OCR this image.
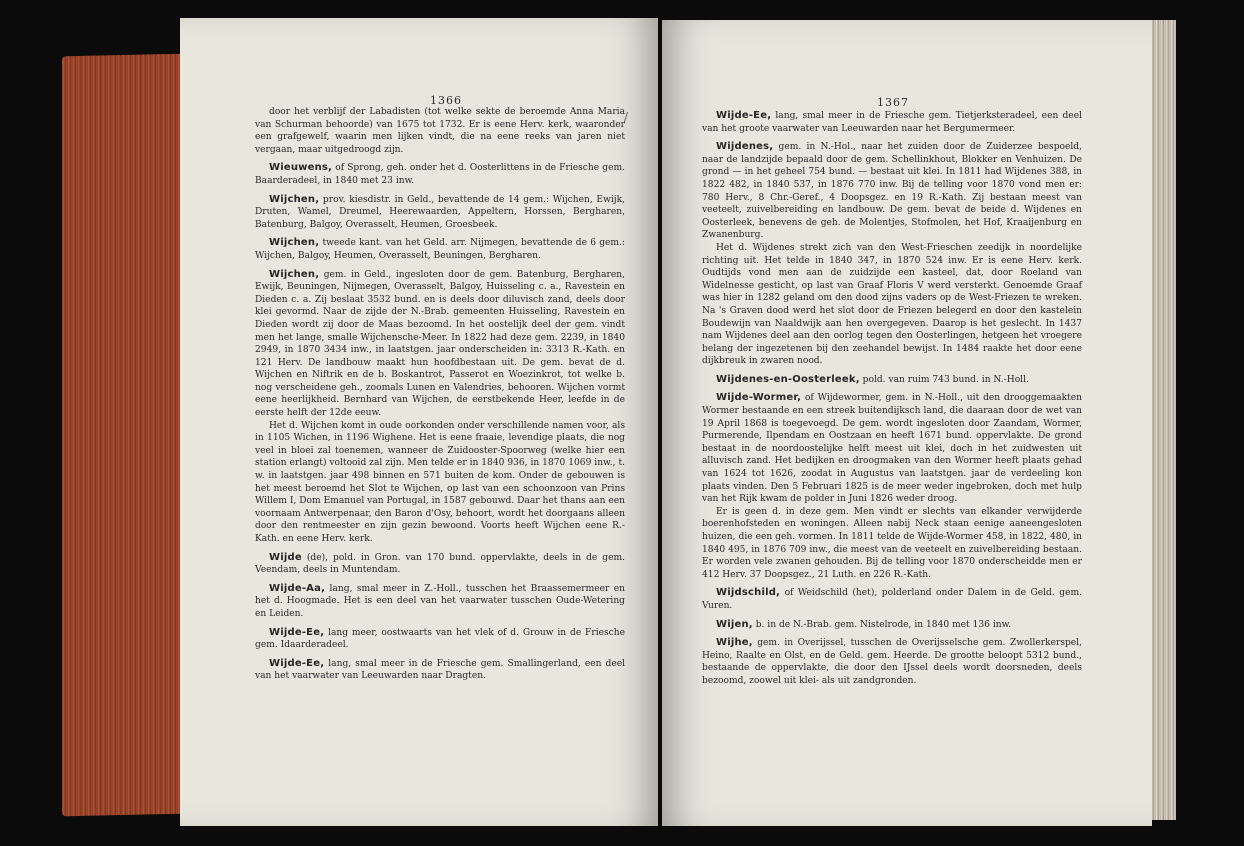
1366
/
door het verblijf der Labadisten (tot welke sekte de beroemde Anna Maria van Schurman behoorde) van 1675 tot 1732. Er is eene Herv. kerk, waaronder een grafgewelf, waarin men lijken vindt, die na eene reeks van jaren niet vergaan, maar uitgedroogd zijn.
Wieuwens, of Sprong, geh. onder het d. Oosterlittens in de Friesche gem. Baarderadeel, in 1840 met 23 inw.
Wijchen, prov. kiesdistr. in Geld., bevattende de 14 gem.: Wijchen, Ewijk, Druten, Wamel, Dreumel, Heerewaarden, Appeltern, Horssen, Bergharen, Batenburg, Balgoy, Overasselt, Heumen, Groesbeek.
Wijchen, tweede kant. van het Geld. arr. Nijmegen, bevattende de 6 gem.: Wijchen, Balgoy, Heumen, Overasselt, Beuningen, Bergharen.
Wijchen, gem. in Geld., ingesloten door de gem. Batenburg, Bergharen, Ewijk, Beuningen, Nijmegen, Overasselt, Balgoy, Huisseling c. a., Ravestein en Dieden c. a. Zij beslaat 3532 bund. en is deels door diluvisch zand, deels door klei gevormd. Naar de zijde der N.-Brab. gemeenten Huisseling, Ravestein en Dieden wordt zij door de Maas bezoomd. In het oostelijk deel der gem. vindt men het lange, smalle Wijchensche-Meer. In 1822 had deze gem. 2239, in 1840 2949, in 1870 3434 inw., in laatstgen. jaar onderscheiden in: 3313 R.-Kath. en 121 Herv. De landbouw maakt hun hoofdbestaan uit. De gem. bevat de d. Wijchen en Niftrik en de b. Boskantrot, Passerot en Woezinkrot, tot welke b. nog verscheidene geh., zoomals Lunen en Valendries, behooren. Wijchen vormt eene heerlijkheid. Bernhard van Wijchen, de eerstbekende Heer, leefde in de eerste helft der 12de eeuw.
Het d. Wijchen komt in oude oorkonden onder verschillende namen voor, als in 1105 Wichen, in 1196 Wighene. Het is eene fraaie, levendige plaats, die nog veel in bloei zal toenemen, wanneer de Zuidooster-Spoorweg (welke hier een station erlangt) voltooid zal zijn. Men telde er in 1840 936, in 1870 1069 inw., t. w. in laatstgen. jaar 498 binnen en 571 buiten de kom. Onder de gebouwen is het meest beroemd het Slot te Wijchen, op last van een schoonzoon van Prins Willem I, Dom Emanuel van Portugal, in 1587 gebouwd. Daar het thans aan een voornaam Antwerpenaar, den Baron d'Osy, behoort, wordt het doorgaans alleen door den rentmeester en zijn gezin bewoond. Voorts heeft Wijchen eene R.-Kath. en eene Herv. kerk.
Wijde (de), pold. in Gron. van 170 bund. oppervlakte, deels in de gem. Veendam, deels in Muntendam.
Wijde-Aa, lang, smal meer in Z.-Holl., tusschen het Braassemermeer en het d. Hoogmade. Het is een deel van het vaarwater tusschen Oude-Wetering en Leiden.
Wijde-Ee, lang meer, oostwaarts van het vlek of d. Grouw in de Friesche gem. Idaarderadeel.
Wijde-Ee, lang, smal meer in de Friesche gem. Smallingerland, een deel van het vaarwater van Leeuwarden naar Dragten.
1367
Wijde-Ee, lang, smal meer in de Friesche gem. Tietjerksteradeel, een deel van het groote vaarwater van Leeuwarden naar het Bergumermeer.
Wijdenes, gem. in N.-Hol., naar het zuiden door de Zuiderzee bespoeld, naar de landzijde bepaald door de gem. Schellinkhout, Blokker en Venhuizen. De grond — in het geheel 754 bund. — bestaat uit klei. In 1811 had Wijdenes 388, in 1822 482, in 1840 537, in 1876 770 inw. Bij de telling voor 1870 vond men er: 780 Herv., 8 Chr.-Geref., 4 Doopsgez. en 19 R.-Kath. Zij bestaan meest van veeteelt, zuivelbereiding en landbouw. De gem. bevat de beide d. Wijdenes en Oosterleek, benevens de geh. de Molentjes, Stofmolen, het Hof, Kraaijenburg en Zwanenburg.
Het d. Wijdenes strekt zich van den West-Frieschen zeedijk in noordelijke richting uit. Het telde in 1840 347, in 1870 524 inw. Er is eene Herv. kerk. Oudtijds vond men aan de zuidzijde een kasteel, dat, door Roeland van Widelnesse gesticht, op last van Graaf Floris V werd versterkt. Genoemde Graaf was hier in 1282 geland om den dood zijns vaders op de West-Friezen te wreken. Na 's Graven dood werd het slot door de Friezen belegerd en door den kastelein Boudewijn van Naaldwijk aan hen overgegeven. Daarop is het geslecht. In 1437 nam Wijdenes deel aan den oorlog tegen den Oosterlingen, hetgeen het vroegere belang der ingezetenen bij den zeehandel bewijst. In 1484 raakte het door eene dijkbreuk in zwaren nood.
Wijdenes-en-Oosterleek, pold. van ruim 743 bund. in N.-Holl.
Wijde-Wormer, of Wijdewormer, gem. in N.-Holl., uit den drooggemaakten Wormer bestaande en een streek buitendijksch land, die daaraan door de wet van 19 April 1868 is toegevoegd. De gem. wordt ingesloten door Zaandam, Wormer, Purmerende, Ilpendam en Oostzaan en heeft 1671 bund. oppervlakte. De grond bestaat in de noordoostelijke helft meest uit klei, doch in het zuidwesten uit alluvisch zand. Het bedijken en droogmaken van den Wormer heeft plaats gehad van 1624 tot 1626, zoodat in Augustus van laatstgen. jaar de verdeeling kon plaats vinden. Den 5 Februari 1825 is de meer weder ingebroken, doch met hulp van het Rijk kwam de polder in Juni 1826 weder droog.
Er is geen d. in deze gem. Men vindt er slechts van elkander verwijderde boerenhofsteden en woningen. Alleen nabij Neck staan eenige aaneengesloten huizen, die een geh. vormen. In 1811 telde de Wijde-Wormer 458, in 1822, 480, in 1840 495, in 1876 709 inw., die meest van de veeteelt en zuivelbereiding bestaan. Er worden vele zwanen gehouden. Bij de telling voor 1870 onderscheidde men er 412 Herv. 37 Doopsgez., 21 Luth. en 226 R.-Kath.
Wijdschild, of Weidschild (het), polderland onder Dalem in de Geld. gem. Vuren.
Wijen, b. in de N.-Brab. gem. Nistelrode, in 1840 met 136 inw.
Wijhe, gem. in Overijssel, tusschen de Overijsselsche gem. Zwollerkerspel, Heino, Raalte en Olst, en de Geld. gem. Heerde. De grootte beloopt 5312 bund., bestaande de oppervlakte, die door den IJssel deels wordt doorsneden, deels bezoomd, zoowel uit klei- als uit zandgronden.
